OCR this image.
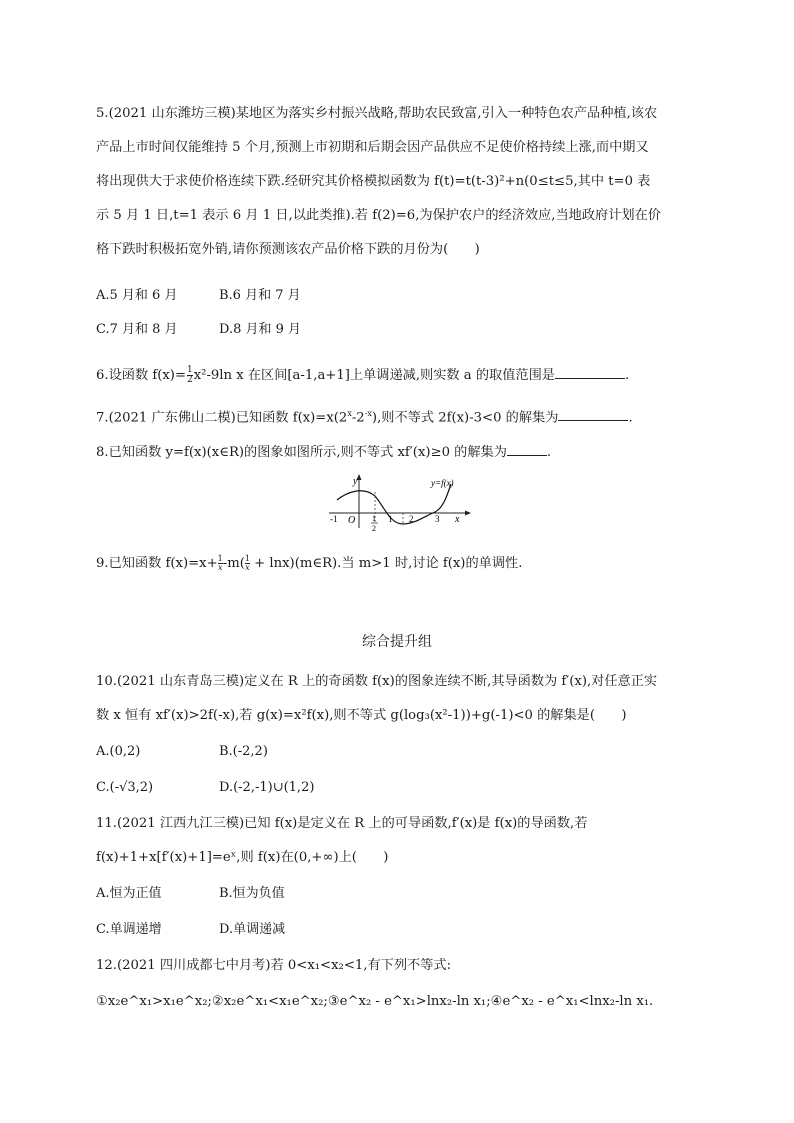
5.(2021 山东潍坊三模)某地区为落实乡村振兴战略,帮助农民致富,引入一种特色农产品种植,该农
产品上市时间仅能维持 5 个月,预测上市初期和后期会因产品供应不足使价格持续上涨,而中期又
将出现供大于求使价格连续下跌.经研究其价格模拟函数为 f(t)=t(t-3)²+n(0≤t≤5,其中 t=0 表
示 5 月 1 日,t=1 表示 6 月 1 日,以此类推).若 f(2)=6,为保护农户的经济效应,当地政府计划在价
格下跌时积极拓宽外销,请你预测该农产品价格下跌的月份为(　　)
A.5 月和 6 月	B.6 月和 7 月
C.7 月和 8 月	D.8 月和 9 月
6.设函数 $f(x)= \frac{1}{2} x^2-9\ln$ x 在区间[a-1,a+1]上单调递减,则实数 a 的取值范围是	.
7.(2021 广东佛山二模)已知函数 $f(x)=x(2^x-2^{-x})$,则不等式 2f(x)-3<0 的解集为	.
8.已知函数 y=f(x)(x∈R)的图象如图所示,则不等式 xf′(x)≥0 的解集为	.
y
x
y=f(x)
O
-1	1
1
2
2 3
9.已知函数 $f(x)=x+ \frac{1}{x} -m( \frac{1}{x}$ + lnx)(m∈R).当 m>1 时,讨论 f(x)的单调性.
综合提升组
10.(2021 山东青岛三模)定义在 R 上的奇函数 f(x)的图象连续不断,其导函数为 f′(x),对任意正实
数 x 恒有 xf′(x)>2f(-x),若 g(x)=x²f(x),则不等式 g(log₃(x²-1))+g(-1)<0 的解集是(　　)
A.(0,2)	B.(-2,2)
C.(-√3,2)	D.(-2,-1)∪(1,2)
11.(2021 江西九江三模)已知 f(x)是定义在 R 上的可导函数,f′(x)是 f(x)的导函数,若
f(x)+1+x[f′(x)+1]=eˣ,则 f(x)在(0,+∞)上(　　)
A.恒为正值	B.恒为负值
C.单调递增	D.单调递减
12.(2021 四川成都七中月考)若 0<x₁<x₂<1,有下列不等式:
①x₂e^x₁>x₁e^x₂;②x₂e^x₁<x₁e^x₂;③e^x₂ - e^x₁>lnx₂-ln x₁;④e^x₂ - e^x₁<lnx₂-ln x₁.
